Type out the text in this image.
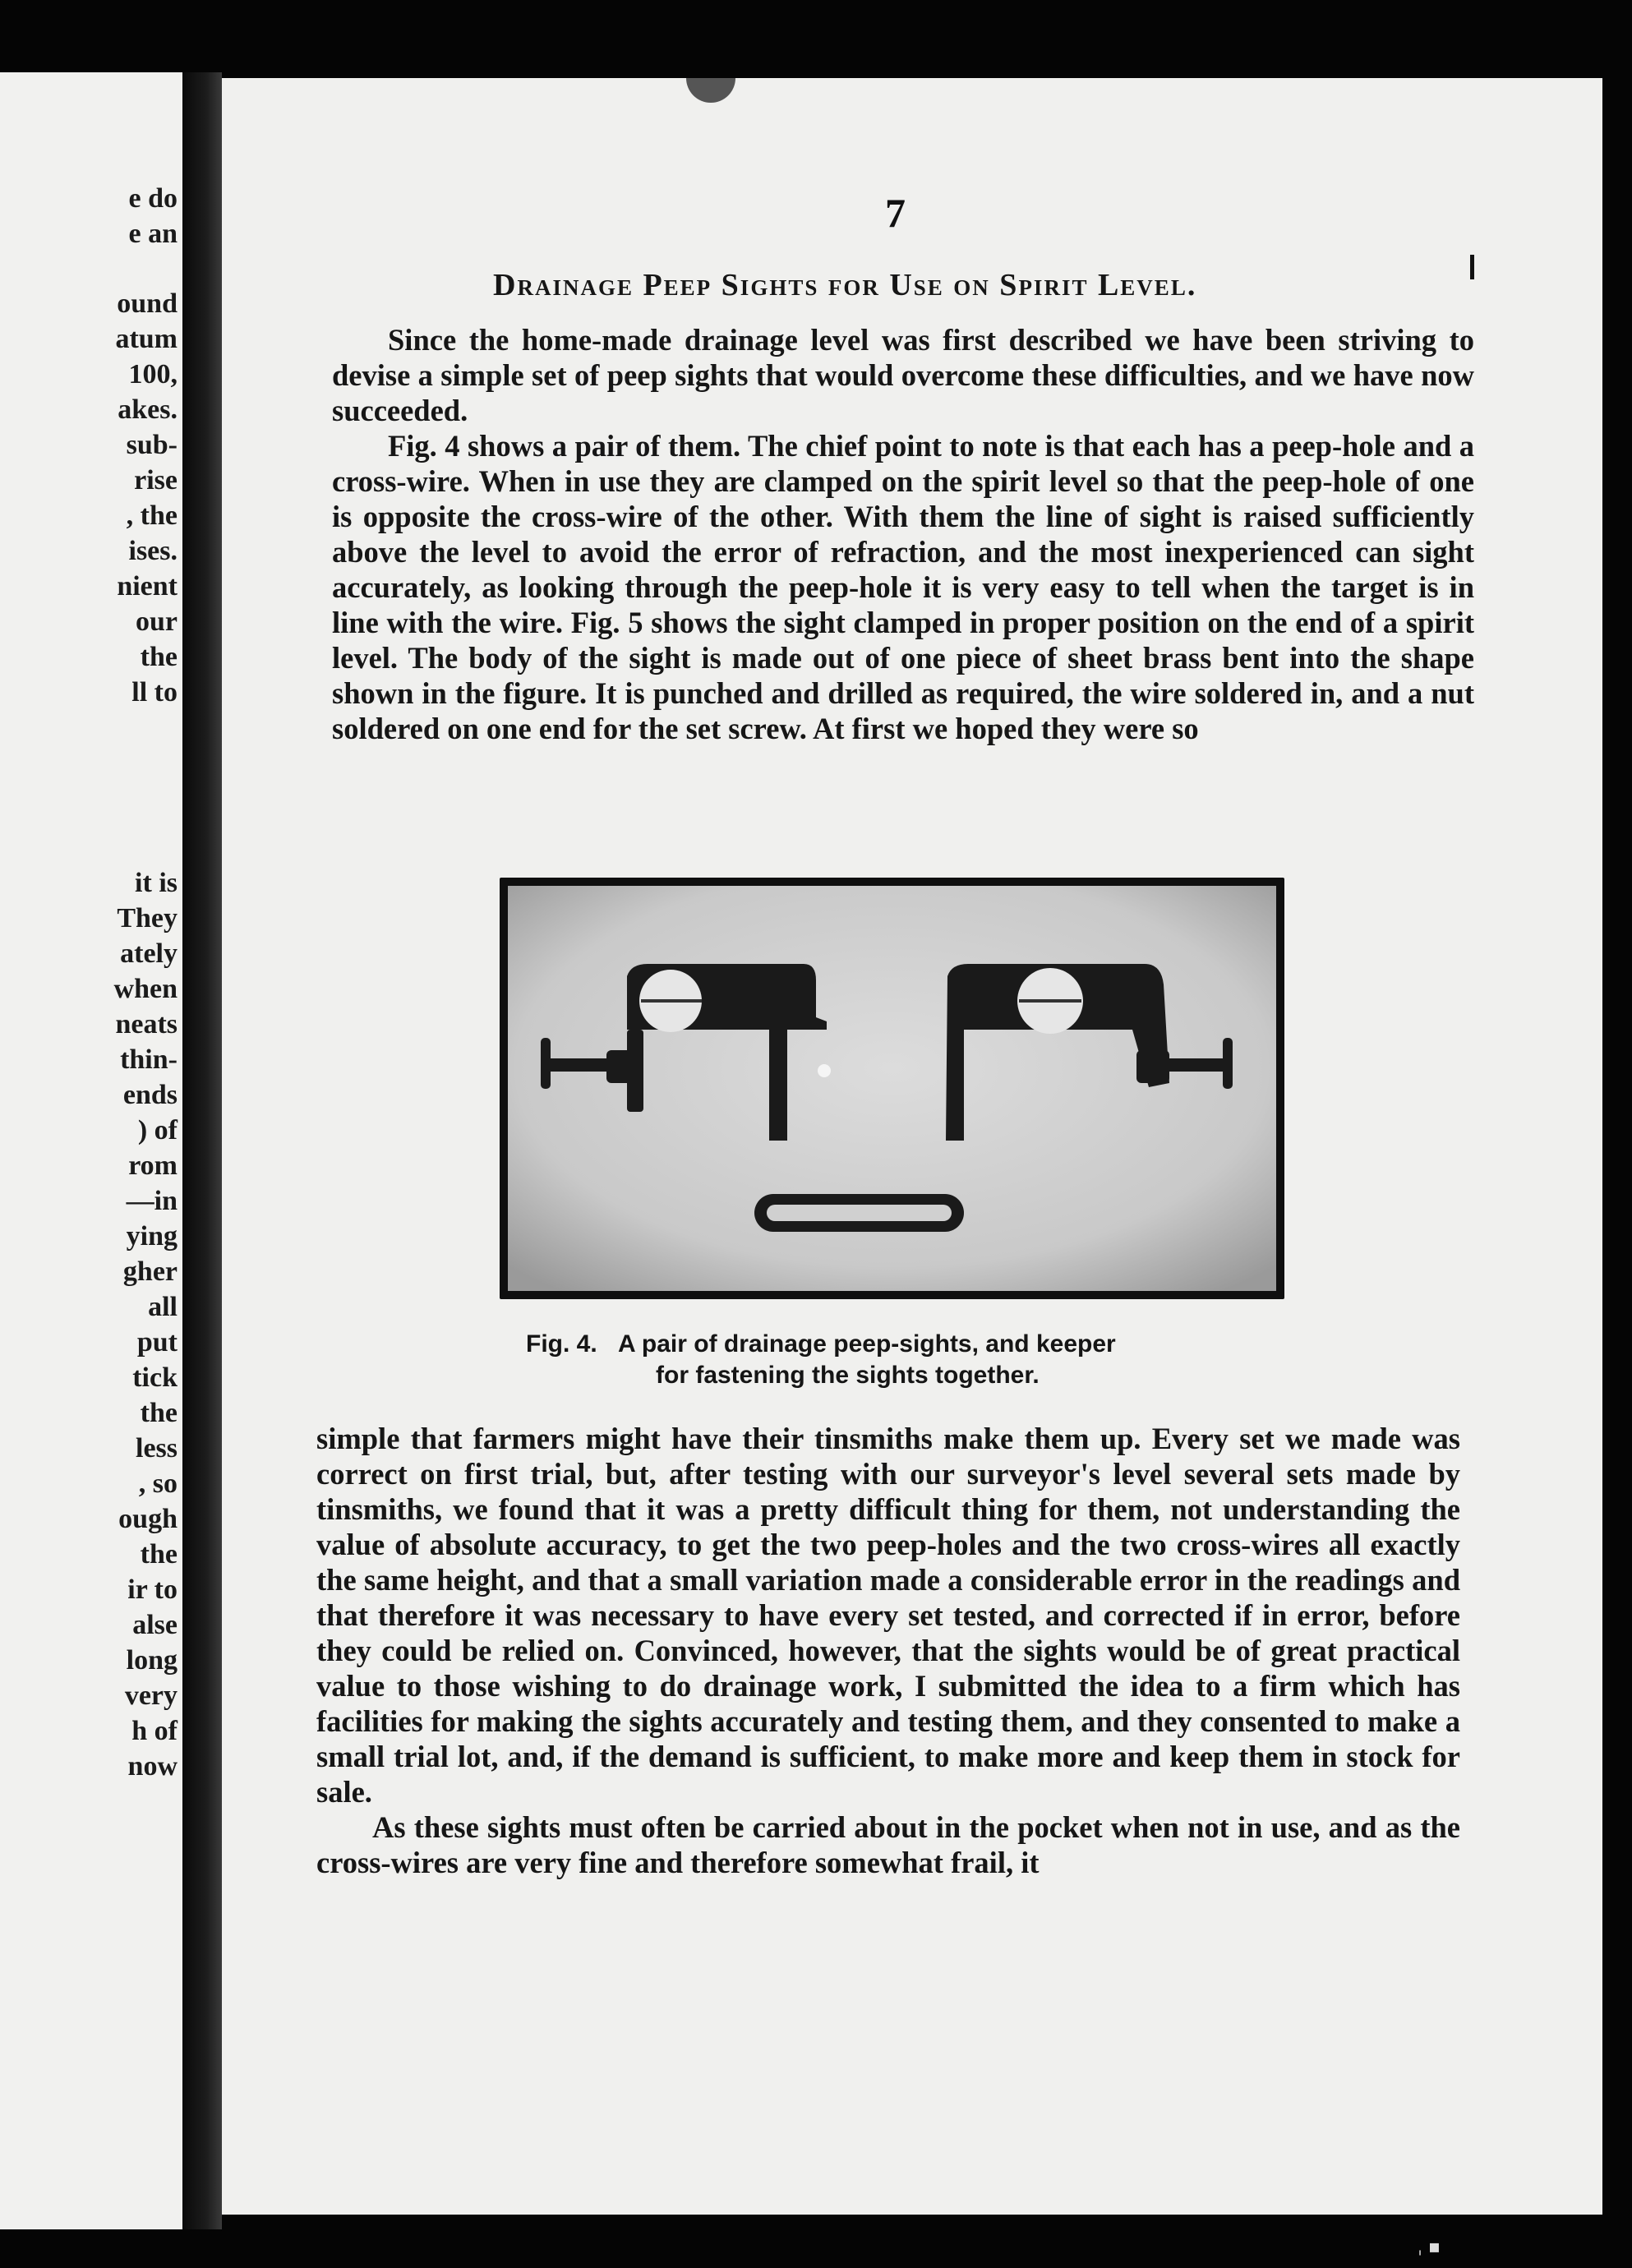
e do
e an
ound
atum
100,
akes.
sub-
rise
, the
ises.
nient
our
the
ll to
it is
They
ately
when
neats
thin-
ends
) of
rom
—in
ying
gher
all
put
tick
the
less
, so
ough
the
ir to
alse
long
very
h of
now
7
Drainage Peep Sights for Use on Spirit Level.

Since the home-made drainage level was first described we have been striving to devise a simple set of peep sights that would overcome these difficulties, and we have now succeeded.

Fig. 4 shows a pair of them. The chief point to note is that each has a peep-hole and a cross-wire. When in use they are clamped on the spirit level so that the peep-hole of one is opposite the cross-wire of the other. With them the line of sight is raised sufficiently above the level to avoid the error of refraction, and the most inexperienced can sight accurately, as looking through the peep-hole it is very easy to tell when the target is in line with the wire. Fig. 5 shows the sight clamped in proper position on the end of a spirit level. The body of the sight is made out of one piece of sheet brass bent into the shape shown in the figure. It is punched and drilled as required, the wire soldered in, and a nut soldered on one end for the set screw. At first we hoped they were so

Fig. 4. A pair of drainage peep-sights, and keeper
for fastening the sights together.

simple that farmers might have their tinsmiths make them up. Every set we made was correct on first trial, but, after testing with our surveyor's level several sets made by tinsmiths, we found that it was a pretty difficult thing for them, not understanding the value of absolute accuracy, to get the two peep-holes and the two cross-wires all exactly the same height, and that a small variation made a considerable error in the readings and that therefore it was necessary to have every set tested, and corrected if in error, before they could be relied on. Convinced, however, that the sights would be of great practical value to those wishing to do drainage work, I submitted the idea to a firm which has facilities for making the sights accurately and testing them, and they consented to make a small trial lot, and, if the demand is sufficient, to make more and keep them in stock for sale.

As these sights must often be carried about in the pocket when not in use, and as the cross-wires are very fine and therefore somewhat frail, it

ˌ ▪
